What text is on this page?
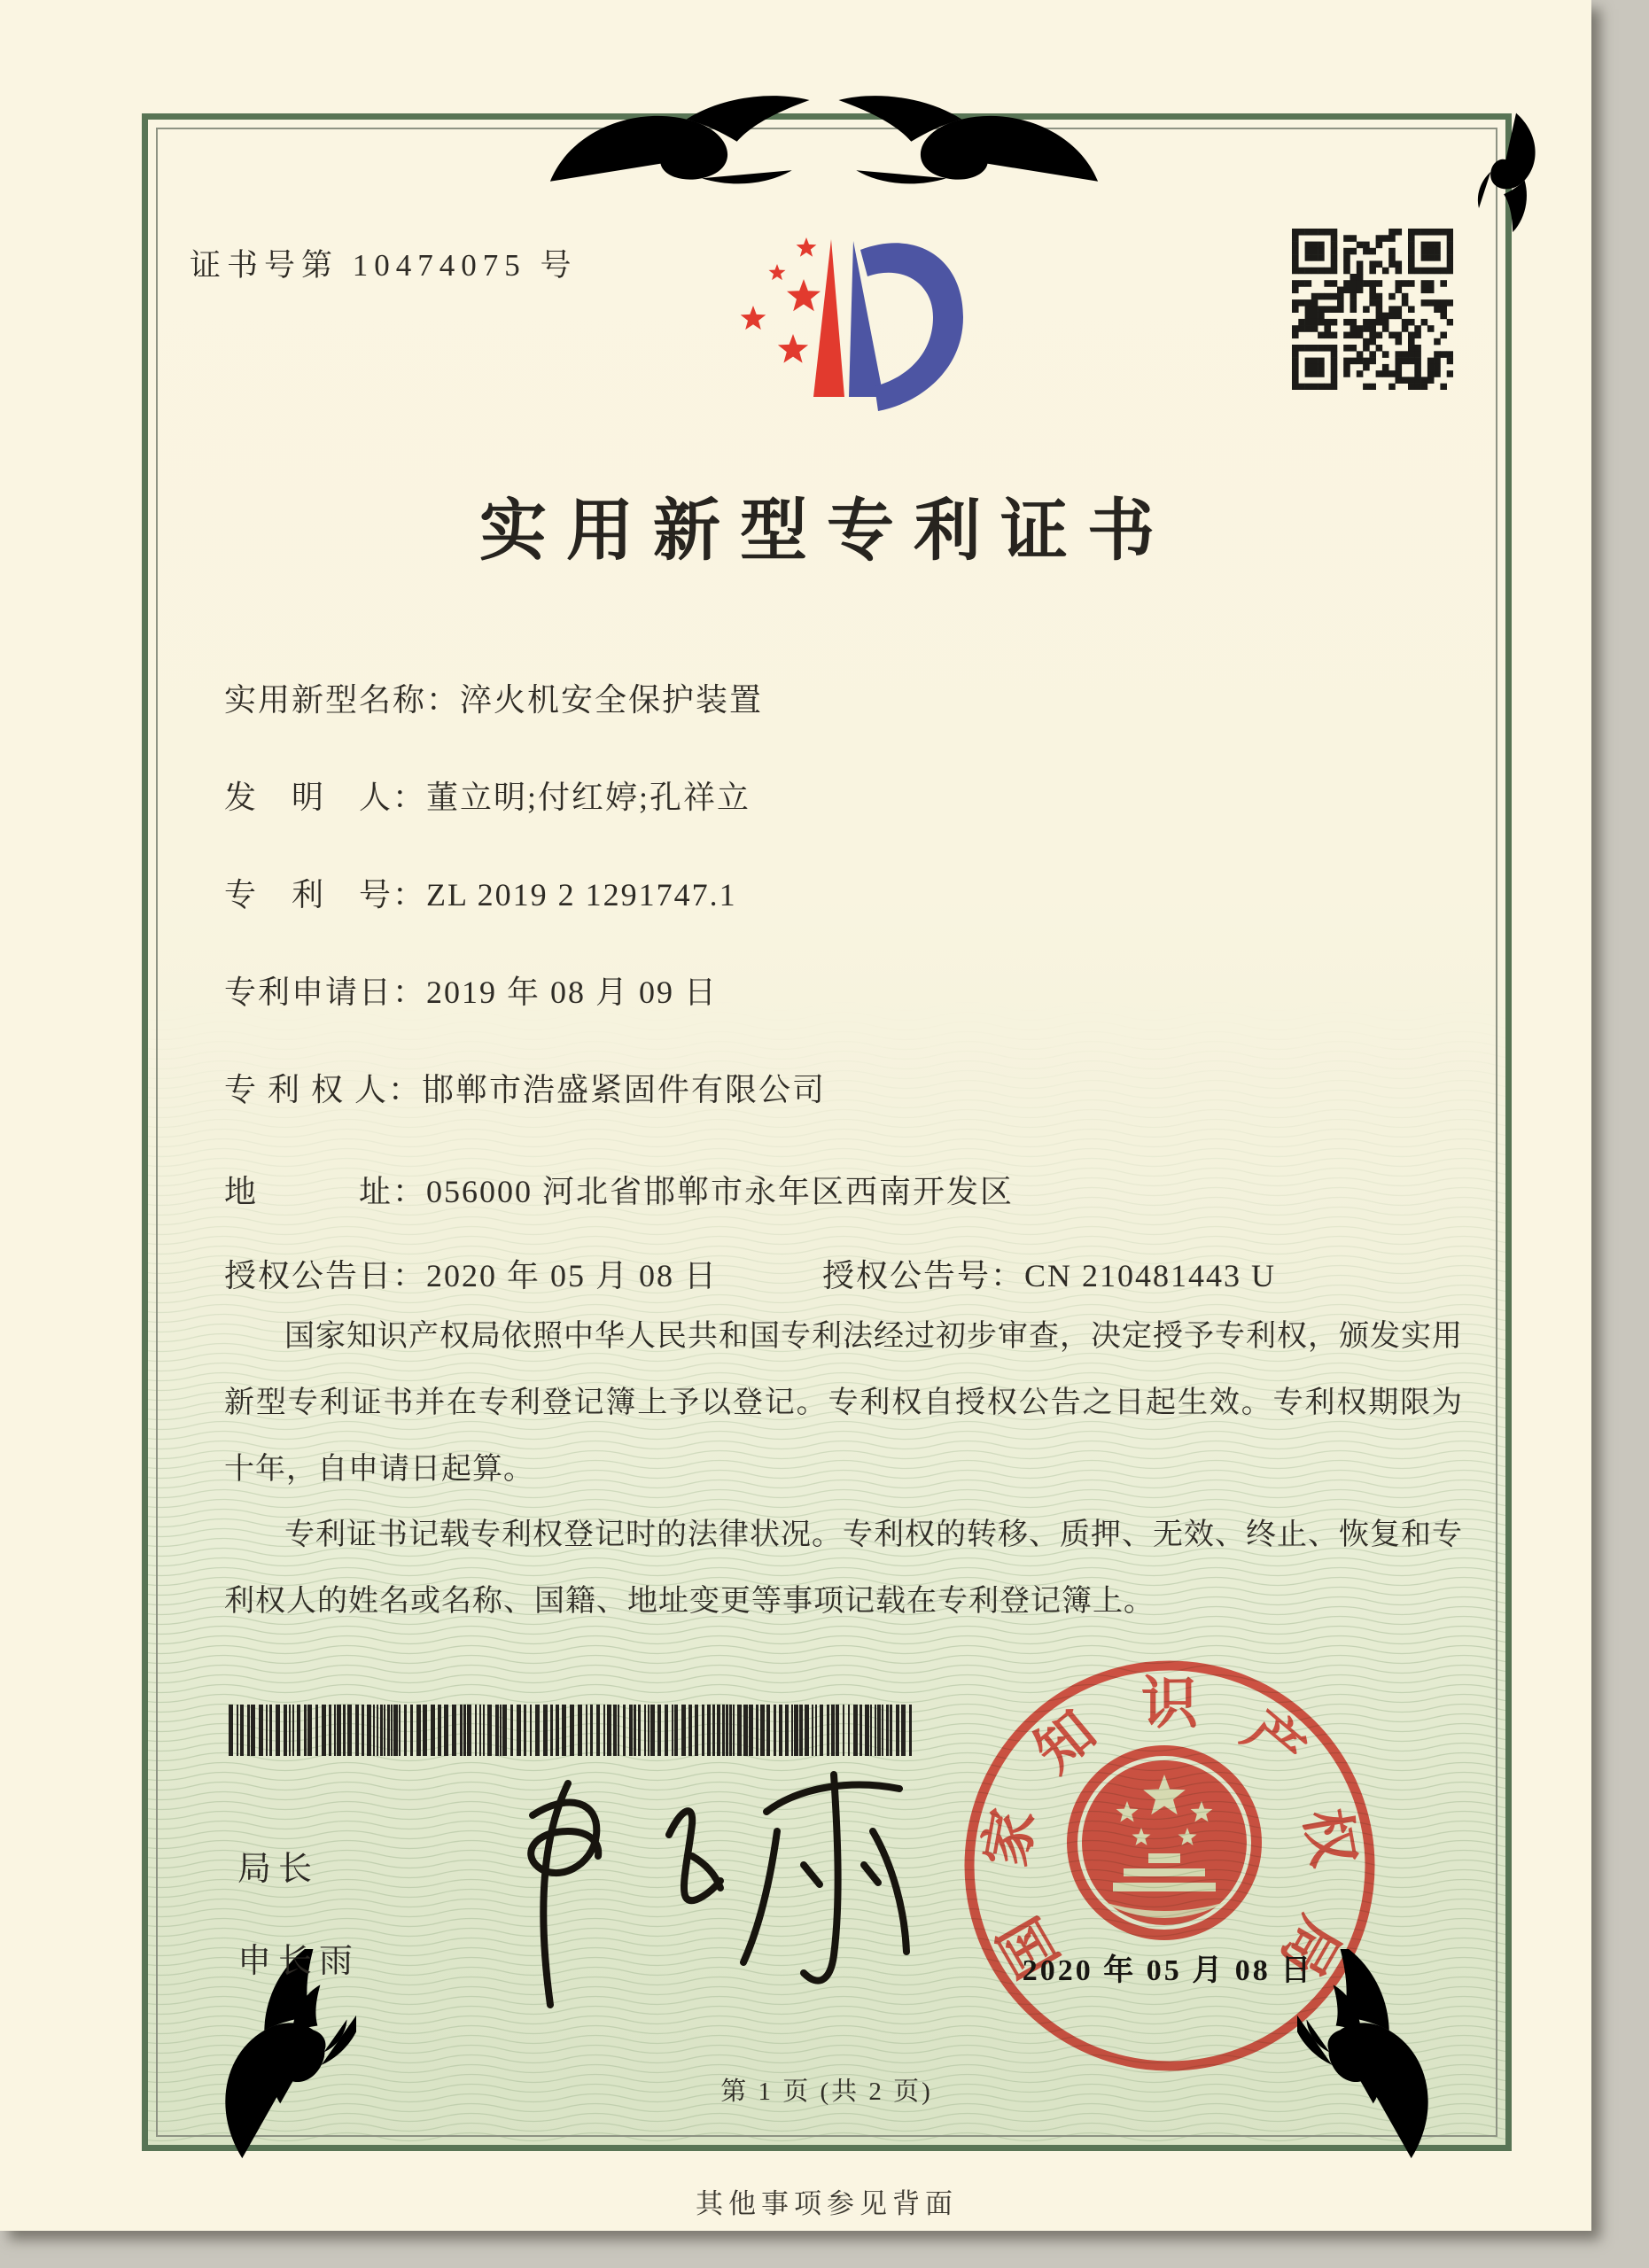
证书号第 10474075 号
实用新型专利证书
实用新型名称：淬火机安全保护装置
发　明　人：董立明;付红婷;孔祥立
专　利　号：ZL 2019 2 1291747.1
专利申请日：2019 年 08 月 09 日
专 利 权 人：邯郸市浩盛紧固件有限公司
地　　　址：056000 河北省邯郸市永年区西南开发区
授权公告日：2020 年 05 月 08 日	授权公告号：CN 210481443 U

国家知识产权局依照中华人民共和国专利法经过初步审查，决定授予专利权，颁发实用新型专利证书并在专利登记簿上予以登记。专利权自授权公告之日起生效。专利权期限为十年，自申请日起算。

专利证书记载专利权登记时的法律状况。专利权的转移、质押、无效、终止、恢复和专利权人的姓名或名称、国籍、地址变更等事项记载在专利登记簿上。

局长
申长雨	国
家
知 识 产
权
局
2020 年 05 月 08 日
第 1 页 (共 2 页)
其他事项参见背面
